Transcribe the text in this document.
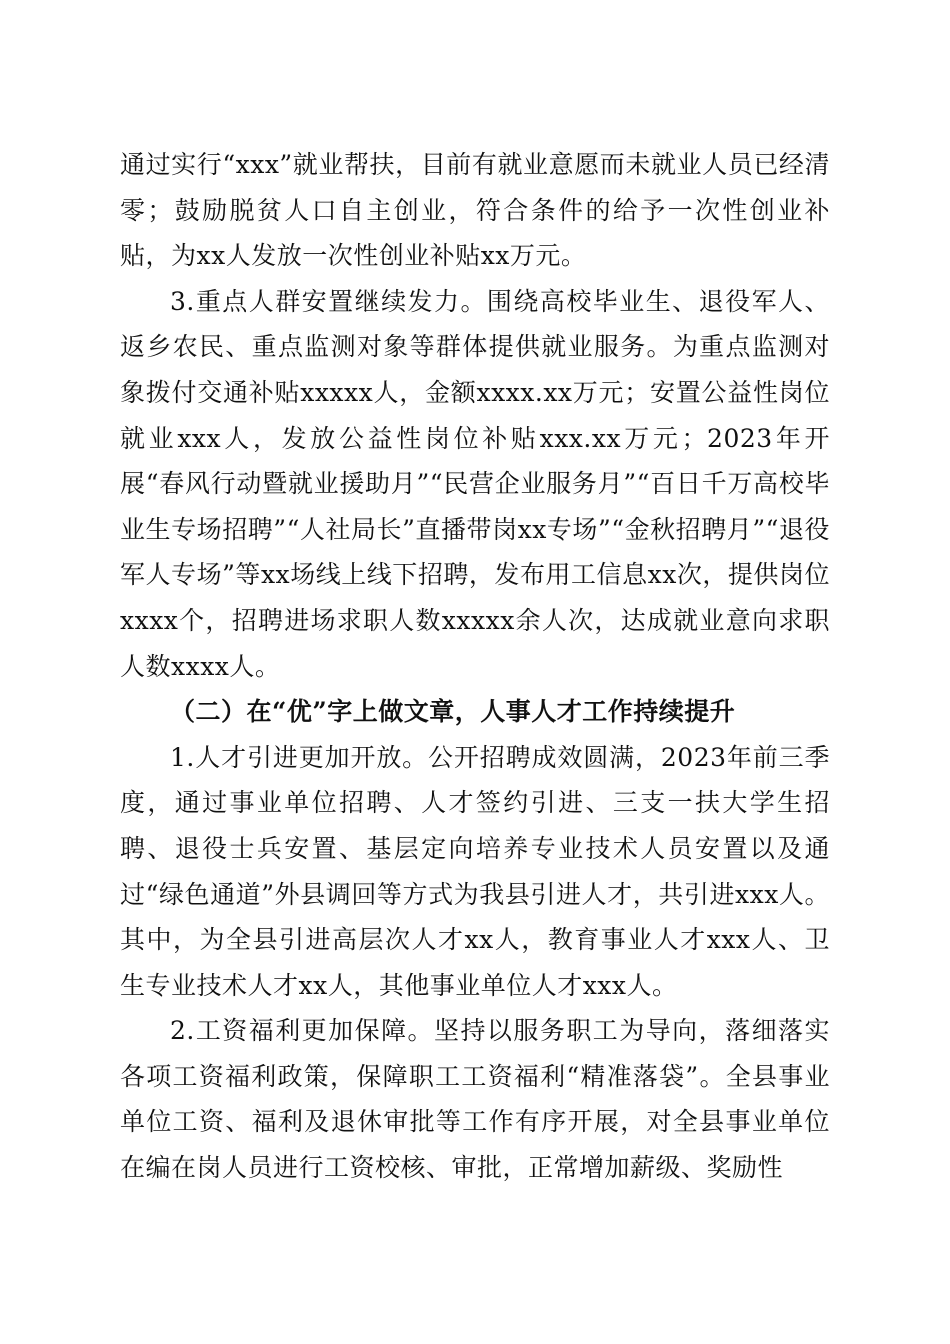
通过实行“xxx”就业帮扶，目前有就业意愿而未就业人员已经清零；鼓励脱贫人口自主创业，符合条件的给予一次性创业补贴，为xx人发放一次性创业补贴xx万元。

3.重点人群安置继续发力。围绕高校毕业生、退役军人、返乡农民、重点监测对象等群体提供就业服务。为重点监测对象拨付交通补贴xxxxx人，金额xxxx.xx万元；安置公益性岗位就业xxx人，发放公益性岗位补贴xxx.xx万元；2023年开展“春风行动暨就业援助月”“民营企业服务月”“百日千万高校毕业生专场招聘”“人社局长”直播带岗xx专场”“金秋招聘月”“退役军人专场”等xx场线上线下招聘，发布用工信息xx次，提供岗位xxxx个，招聘进场求职人数xxxxx余人次，达成就业意向求职人数xxxx人。

（二）在“优”字上做文章，人事人才工作持续提升

1.人才引进更加开放。公开招聘成效圆满，2023年前三季度，通过事业单位招聘、人才签约引进、三支一扶大学生招聘、退役士兵安置、基层定向培养专业技术人员安置以及通过“绿色通道”外县调回等方式为我县引进人才，共引进xxx人。其中，为全县引进高层次人才xx人，教育事业人才xxx人、卫生专业技术人才xx人，其他事业单位人才xxx人。

2.工资福利更加保障。坚持以服务职工为导向，落细落实各项工资福利政策，保障职工工资福利“精准落袋”。全县事业单位工资、福利及退休审批等工作有序开展，对全县事业单位在编在岗人员进行工资校核、审批，正常增加薪级、奖励性
